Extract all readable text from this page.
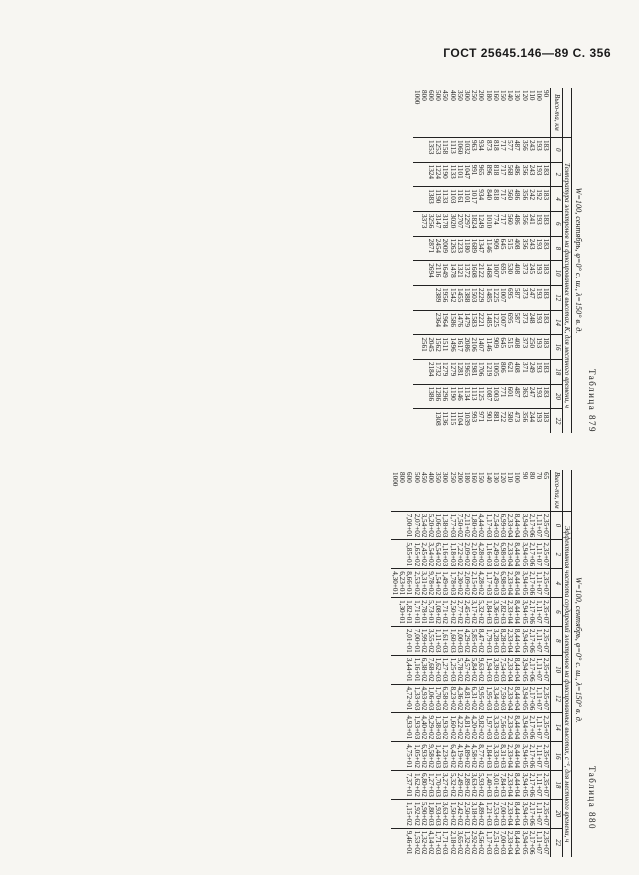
ГОСТ 25645.146—89 С. 356
Таблица 879
W=100, сентябрь, φ=0° с. ш., λ=150° в. д.
	Температура электронов на фиксированных высотах, К, для местного времени, ч											
Высо-та, км	0	2	4	6	8	10	12	14	16	18	20	22
90	183	183	183	183	183	183	183	183	183	183	183	183
100	193	193	192	193	193	193	193	193	193	193	193	193
110	243	243	242	241	243	245	247	248	250	249	247	244
120	356	356	356	356	356	373	373	373	373	371	363	356
130	487	486	486	486	408	408	587	587	408	408	487	473
140	577	568	560	560	515	530	695	695	515	621	601	580
150	717	717	717	717	645	695	1007	1007	645	806	771	722
160	818	818	818	774	909	1007	1225	1225	909	1005	1003	881
180	873	896	840	1010	1146	1468	1485	1485	1146	1219	1087	901
200	934	965	934	1249	1347	2122	2229	2221	1407	1706	1125	971
250	963	991	1017	1824	1689	1608	1503	1583	2106	1981	1113	993
300	1032	1047	1101	2297	1180	1372	1388	1479	2086	1965	1134	1039
350	1060	1101	1161	2707	1233	1321	1455	1476	1617	1281	1146	1104
400	1113	1133	1103	3020	1263	1478	1542	1586	1496	1279	1190	1115
450	1158	1190	1133	3178	2009	1649	1956	1964	1511	1279	1296	1136
500	1253	1224	1190	3147	2454	2116	2389	2364	1562	1732	1286	1308
600	1353	1324	1383	3256	2871	2694			2045	2184	1386	
800				3373					2561			
1000												
Таблица 880
W=100, сентябрь, φ=0° с. ш., λ=150° в. д.
	Эффективная частота соударений электронов на фиксированных высотах, с⁻¹, для местного времени, ч											
Высо-та, км	0	2	4	6	8	10	12	14	16	18	20	22
65	2,35+07	2,35+07	2,35+07	2,35+07	2,35+07	2,35+07	2,35+07	2,35+07	2,35+07	2,35+07	2,35+07	2,35+07
70	1,11+07	1,11+07	1,11+07	1,11+07	1,11+07	1,11+07	1,11+07	1,11+07	1,11+07	1,11+07	1,11+07	1,11+07
80	2,17+06	2,17+06	2,17+06	2,17+06	2,17+06	2,17+06	2,17+06	2,17+06	2,17+06	2,17+06	2,17+06	2,17+06
90	3,94+05	3,94+05	3,94+05	3,94+05	3,94+05	3,94+05	3,94+05	3,94+05	3,94+05	3,94+05	3,94+05	3,94+05
100	8,44+04	8,44+04	8,44+04	8,44+04	8,44+04	8,44+04	8,44+04	8,44+04	8,44+04	8,44+04	8,44+04	8,44+04
110	2,33+04	2,33+04	2,33+04	2,33+04	2,33+04	2,33+04	2,33+04	2,33+04	2,33+04	2,33+04	2,33+04	2,33+04
120	6,99+03	6,98+03	6,98+03	7,82+03	8,28+03	7,54+03	7,59+03	7,56+03	8,31+03	7,84+03	7,00+03	7,00+03
130	2,54+03	2,49+03	2,49+03	3,36+03	3,28+03	3,39+03	3,34+03	3,33+03	3,33+03	3,01+03	2,53+03	2,51+03
140	1,17+03	1,16+03	1,17+03	1,84+03	1,79+03	1,94+03	1,95+03	1,97+03	1,84+03	1,40+03	1,21+03	1,17+03
150	4,44+02	4,28+02	4,28+02	5,32+02	8,47+02	9,63+02	9,95+02	9,82+02	8,77+02	5,93+02	4,89+02	4,56+02
160	1,80+02	2,10+02	2,15+02	3,17+02	5,85+02	5,84+02	6,31+02	4,20+02	4,58+02	3,63+02	3,18+02	2,92+02
180	2,11+02	2,09+02	2,09+02	2,45+02	4,29+02	4,57+02	4,81+02	4,81+02	4,89+02	2,89+02	2,50+02	1,32+02
200	7,50+02	7,22+02	2,30+02	2,77+02	1,00+03	5,78+02	4,36+02	4,22+02	4,19+02	2,49+02	2,42+02	3,65+02
250	1,77+03	1,18+03	1,78+03	2,50+02	1,60+03	1,25+03	8,23+02	1,60+02	6,43+02	5,32+02	1,50+02	2,18+02
300	1,38+03	1,16+03	1,49+03	1,71+02	1,61+03	1,27+03	6,58+02	1,93+02	1,23+03	3,27+03	3,63+02	1,71+03
350	1,06+03	6,54+02	1,54+02	1,08+02	1,11+03	1,62+03	1,70+03	1,38+03	1,44+03	1,70+03	1,93+03	1,71+03
400	5,20+02	3,54+02	9,78+02	5,73+01	3,55+02	7,68+02	1,06+03	9,29+02	9,58+02	1,27+03	1,80+03	4,14+02
450	3,54+02	2,45+02	3,31+02	2,78+01	1,99+02	6,38+02	4,93+02	4,40+02	6,93+02	6,80+02	5,90+02	1,32+02
500	2,07+02	1,65+02	2,53+02	1,71+01	7,00+01	1,16+01	1,33+03	1,93+03	1,05+02	1,62+02	1,92+02	1,53+02
600	7,00+01	5,85+01	8,66+01	1,82+01	2,01+01	3,44+01	4,72+01	4,93+01	4,75+01	7,37+01	1,15+02	9,46+01
800			6,23+01	1,30+01								
1000			4,30+01									
